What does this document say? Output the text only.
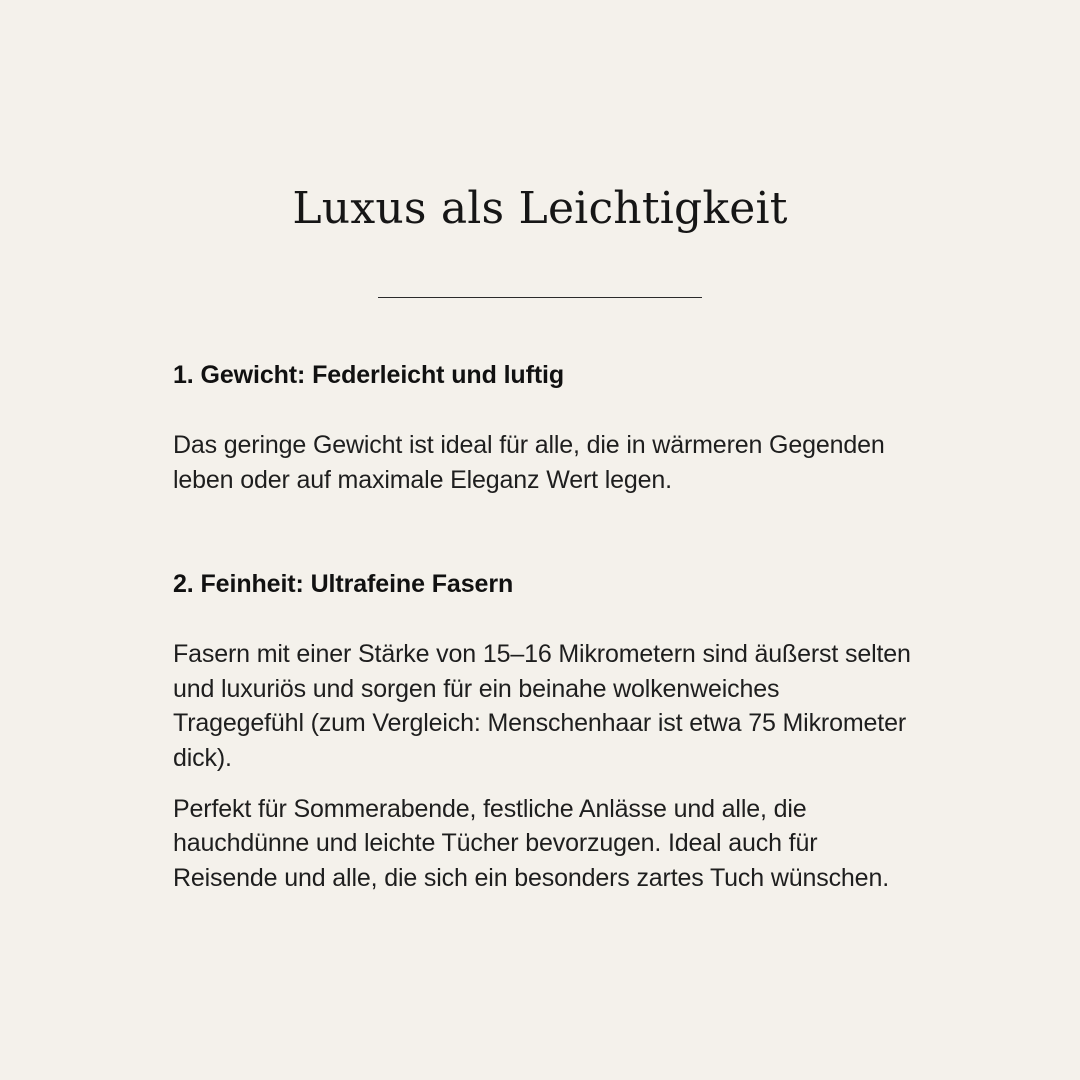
Luxus als Leichtigkeit
1. Gewicht: Federleicht und luftig

Das geringe Gewicht ist ideal für alle, die in wärmeren Gegenden leben oder auf maximale Eleganz Wert legen.

2. Feinheit: Ultrafeine Fasern

Fasern mit einer Stärke von 15–16 Mikrometern sind äußerst selten und luxuriös und sorgen für ein beinahe wolkenweiches Tragegefühl (zum Vergleich: Menschenhaar ist etwa 75 Mikrometer dick).

Perfekt für Sommerabende, festliche Anlässe und alle, die hauchdünne und leichte Tücher bevorzugen. Ideal auch für Reisende und alle, die sich ein besonders zartes Tuch wünschen.
